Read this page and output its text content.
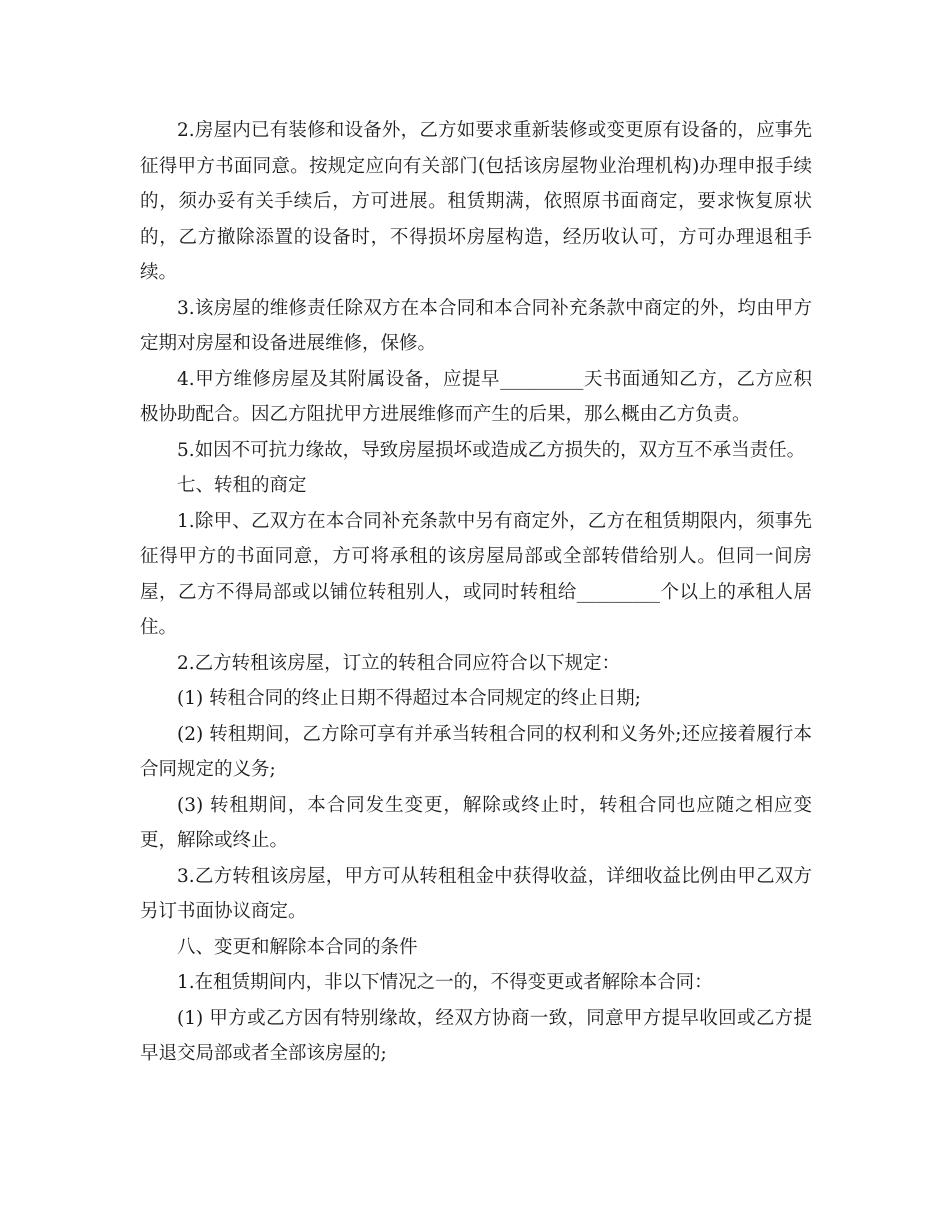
2.房屋内已有装修和设备外，乙方如要求重新装修或变更原有设备的，应事先征得甲方书面同意。按规定应向有关部门(包括该房屋物业治理机构)办理申报手续的，须办妥有关手续后，方可进展。租赁期满，依照原书面商定，要求恢复原状的，乙方撤除添置的设备时，不得损坏房屋构造，经历收认可，方可办理退租手续。

3.该房屋的维修责任除双方在本合同和本合同补充条款中商定的外，均由甲方定期对房屋和设备进展维修，保修。

4.甲方维修房屋及其附属设备，应提早_________天书面通知乙方，乙方应积极协助配合。因乙方阻扰甲方进展维修而产生的后果，那么概由乙方负责。

5.如因不可抗力缘故，导致房屋损坏或造成乙方损失的，双方互不承当责任。

七、转租的商定

1.除甲、乙双方在本合同补充条款中另有商定外，乙方在租赁期限内，须事先征得甲方的书面同意，方可将承租的该房屋局部或全部转借给别人。但同一间房屋，乙方不得局部或以铺位转租别人，或同时转租给_________个以上的承租人居住。

2.乙方转租该房屋，订立的转租合同应符合以下规定：

(1) 转租合同的终止日期不得超过本合同规定的终止日期;

(2) 转租期间，乙方除可享有并承当转租合同的权利和义务外;还应接着履行本合同规定的义务;

(3) 转租期间，本合同发生变更，解除或终止时，转租合同也应随之相应变更，解除或终止。

3.乙方转租该房屋，甲方可从转租租金中获得收益，详细收益比例由甲乙双方另订书面协议商定。

八、变更和解除本合同的条件

1.在租赁期间内，非以下情况之一的，不得变更或者解除本合同：

(1) 甲方或乙方因有特别缘故，经双方协商一致，同意甲方提早收回或乙方提早退交局部或者全部该房屋的;
